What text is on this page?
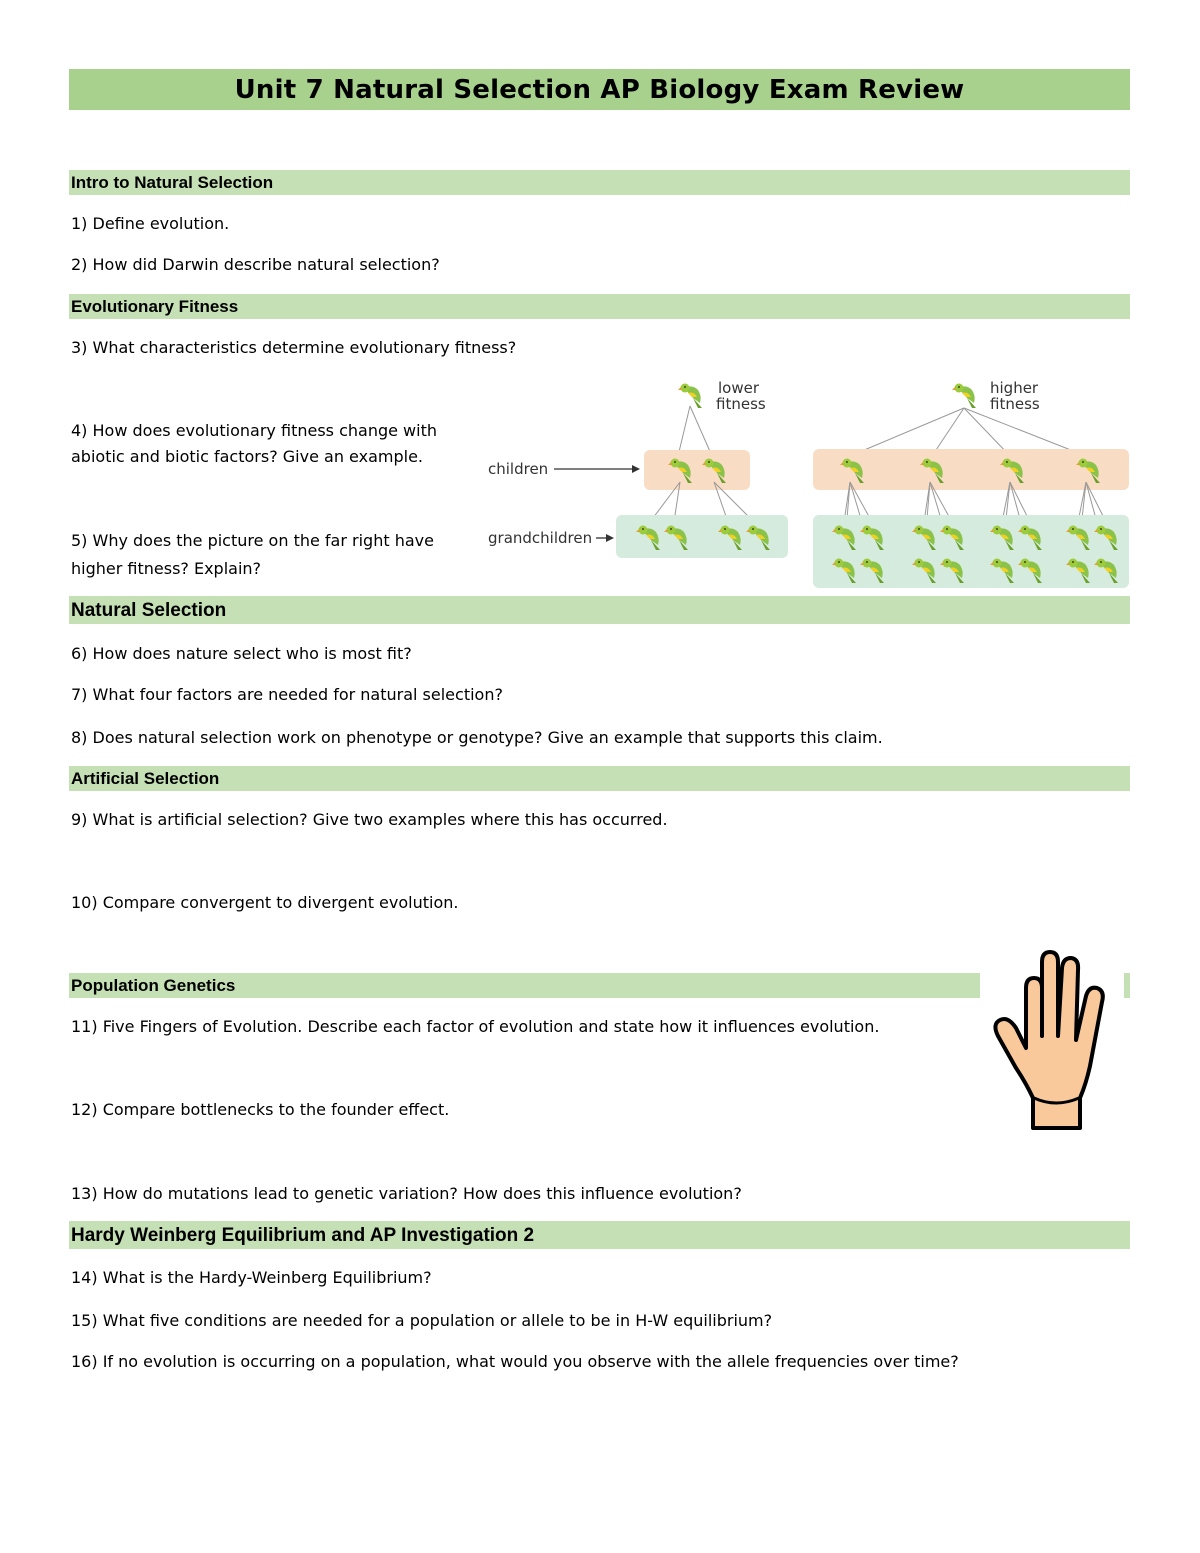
Unit 7 Natural Selection AP Biology Exam Review
Intro to Natural Selection
1) Define evolution.
2) How did Darwin describe natural selection?
Evolutionary Fitness
3) What characteristics determine evolutionary fitness?
4) How does evolutionary fitness change with abiotic and biotic factors? Give an example.
5) Why does the picture on the far right have higher fitness? Explain?
lower
fitness
children
grandchildren
higher
fitness
Natural Selection
6) How does nature select who is most fit?
7) What four factors are needed for natural selection?
8) Does natural selection work on phenotype or genotype? Give an example that supports this claim.
Artificial Selection
9) What is artificial selection? Give two examples where this has occurred.
10) Compare convergent to divergent evolution.
Population Genetics
11) Five Fingers of Evolution. Describe each factor of evolution and state how it influences evolution.
12) Compare bottlenecks to the founder effect.
13) How do mutations lead to genetic variation? How does this influence evolution?
Hardy Weinberg Equilibrium and AP Investigation 2
14) What is the Hardy-Weinberg Equilibrium?
15) What five conditions are needed for a population or allele to be in H-W equilibrium?
16) If no evolution is occurring on a population, what would you observe with the allele frequencies over time?
